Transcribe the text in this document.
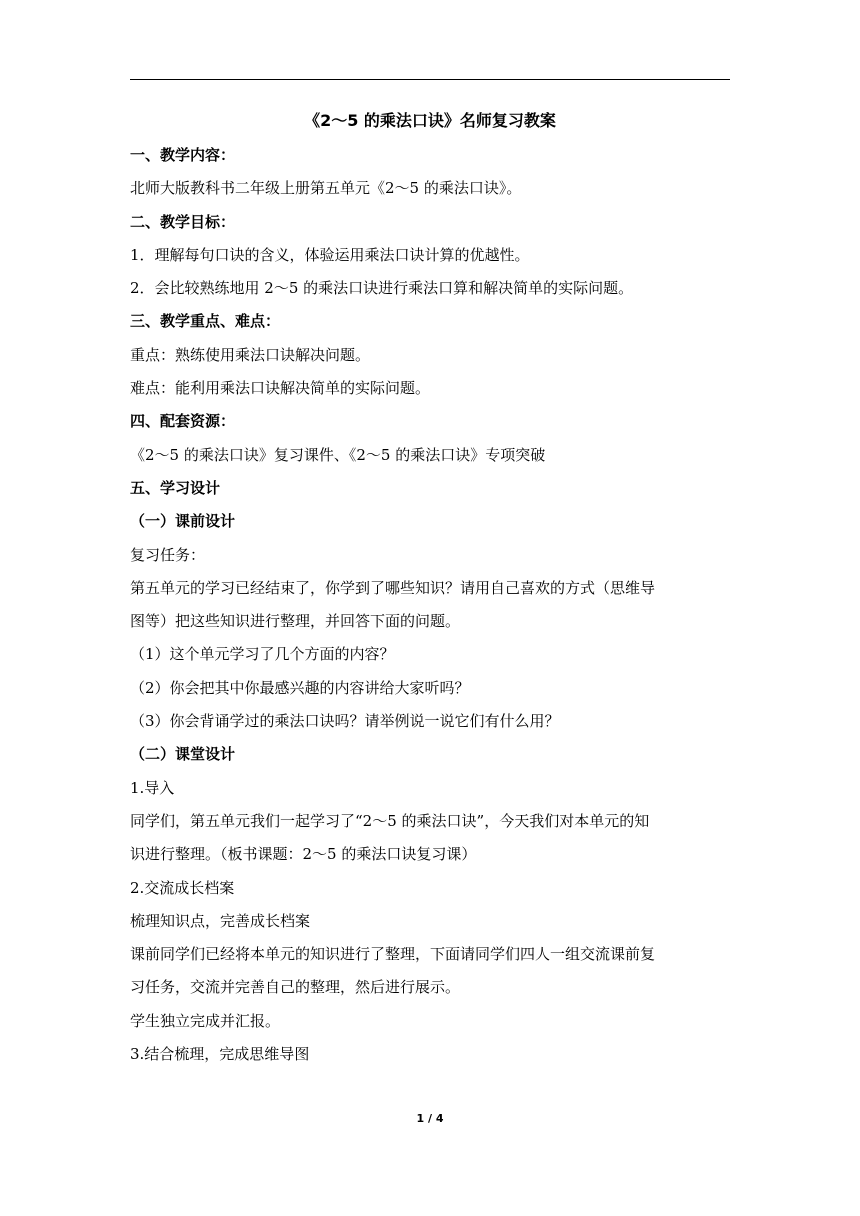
《2～5 的乘法口诀》名师复习教案
一、教学内容：
北师大版教科书二年级上册第五单元《2～5 的乘法口诀》。
二、教学目标：
1．理解每句口诀的含义，体验运用乘法口诀计算的优越性。
2．会比较熟练地用 2～5 的乘法口诀进行乘法口算和解决简单的实际问题。
三、教学重点、难点：
重点：熟练使用乘法口诀解决问题。
难点：能利用乘法口诀解决简单的实际问题。
四、配套资源：
《2～5 的乘法口诀》复习课件、《2～5 的乘法口诀》专项突破
五、学习设计
（一）课前设计
复习任务：
第五单元的学习已经结束了，你学到了哪些知识？请用自己喜欢的方式（思维导
图等）把这些知识进行整理，并回答下面的问题。
（1）这个单元学习了几个方面的内容？
（2）你会把其中你最感兴趣的内容讲给大家听吗？
（3）你会背诵学过的乘法口诀吗？请举例说一说它们有什么用？
（二）课堂设计
1.导入
同学们，第五单元我们一起学习了“2～5 的乘法口诀”，今天我们对本单元的知
识进行整理。（板书课题：2～5 的乘法口诀复习课）
2.交流成长档案
梳理知识点，完善成长档案
课前同学们已经将本单元的知识进行了整理，下面请同学们四人一组交流课前复
习任务，交流并完善自己的整理，然后进行展示。
学生独立完成并汇报。
3.结合梳理，完成思维导图
1 / 4
